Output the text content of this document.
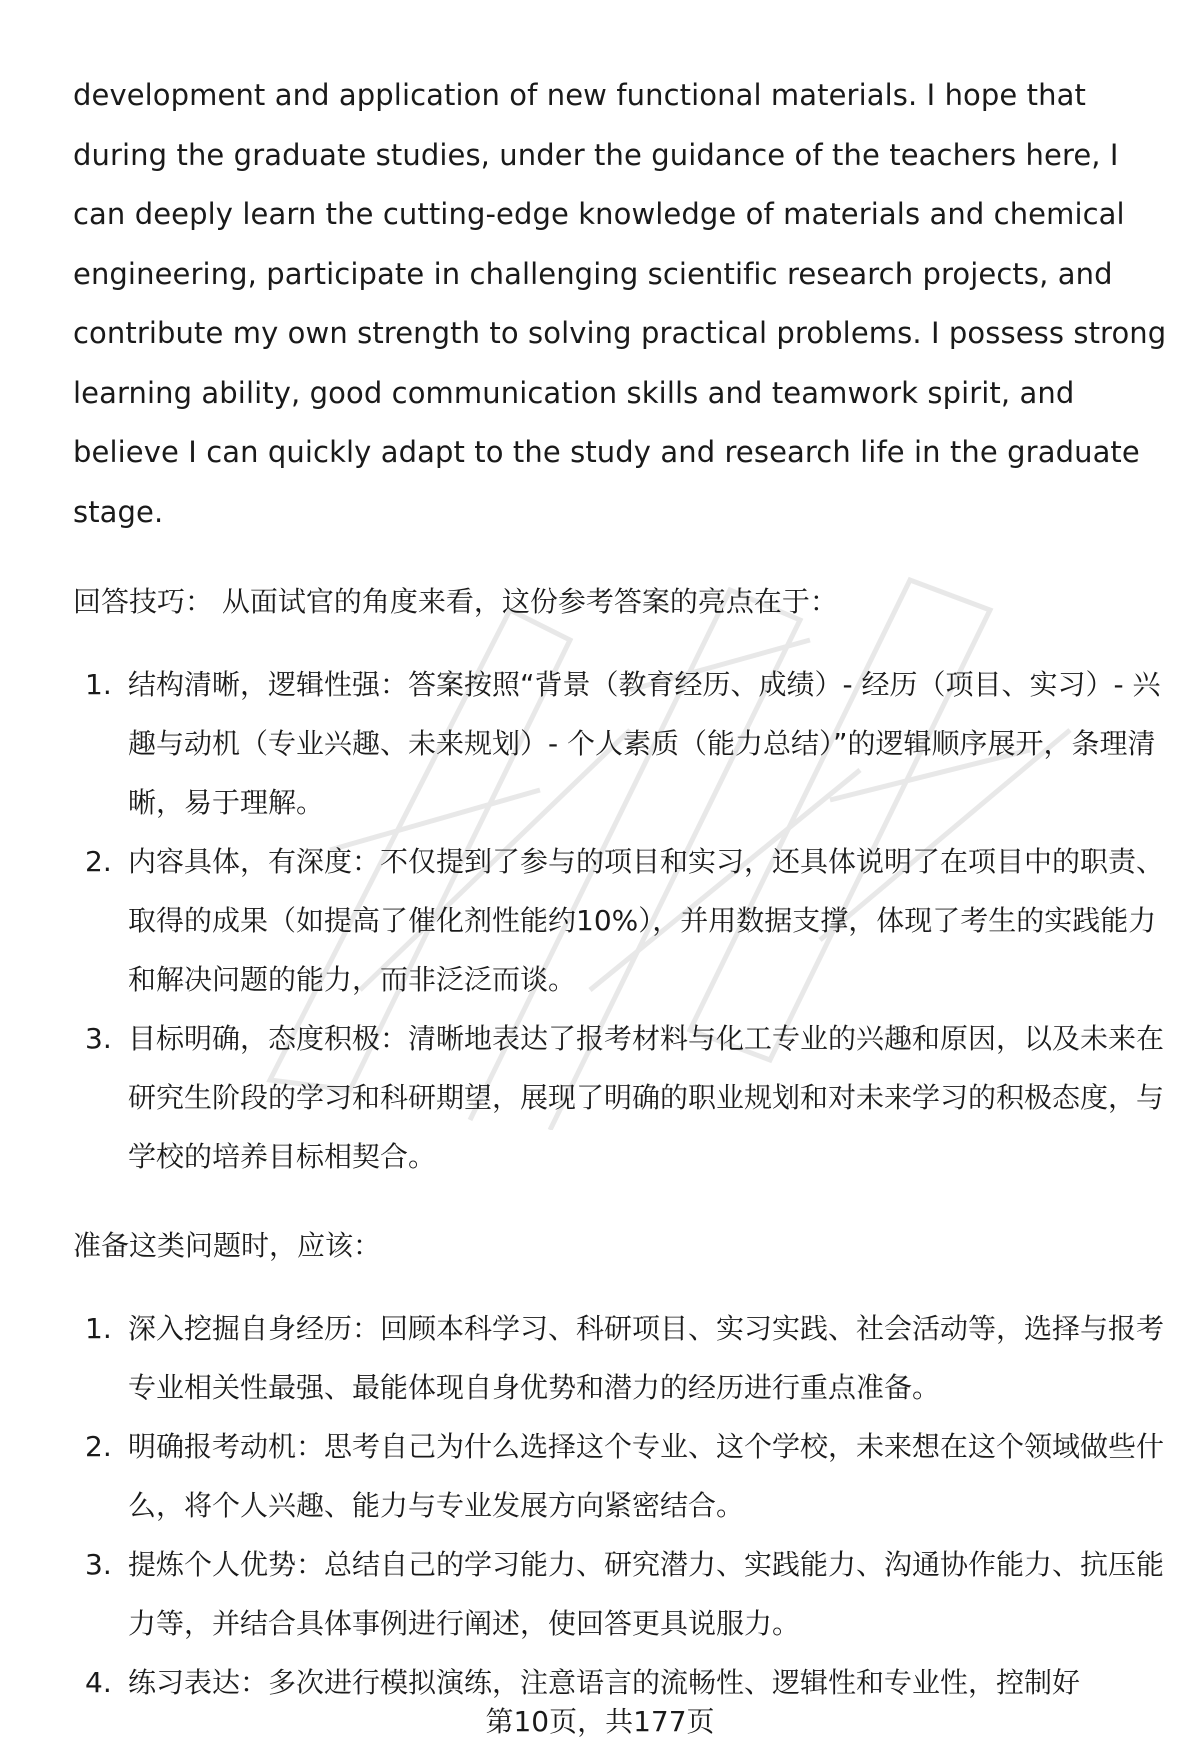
development and application of new functional materials. I hope that during the graduate studies, under the guidance of the teachers here, I can deeply learn the cutting-edge knowledge of materials and chemical engineering, participate in challenging scientific research projects, and contribute my own strength to solving practical problems. I possess strong learning ability, good communication skills and teamwork spirit, and believe I can quickly adapt to the study and research life in the graduate stage.

回答技巧： 从面试官的角度来看，这份参考答案的亮点在于：

1. 结构清晰，逻辑性强：答案按照“背景（教育经历、成绩）- 经历（项目、实习）- 兴趣与动机（专业兴趣、未来规划）- 个人素质（能力总结）”的逻辑顺序展开，条理清晰，易于理解。
2. 内容具体，有深度：不仅提到了参与的项目和实习，还具体说明了在项目中的职责、取得的成果（如提高了催化剂性能约10%），并用数据支撑，体现了考生的实践能力和解决问题的能力，而非泛泛而谈。
3. 目标明确，态度积极：清晰地表达了报考材料与化工专业的兴趣和原因，以及未来在研究生阶段的学习和科研期望，展现了明确的职业规划和对未来学习的积极态度，与学校的培养目标相契合。

准备这类问题时，应该：

1. 深入挖掘自身经历：回顾本科学习、科研项目、实习实践、社会活动等，选择与报考专业相关性最强、最能体现自身优势和潜力的经历进行重点准备。
2. 明确报考动机：思考自己为什么选择这个专业、这个学校，未来想在这个领域做些什么，将个人兴趣、能力与专业发展方向紧密结合。
3. 提炼个人优势：总结自己的学习能力、研究潜力、实践能力、沟通协作能力、抗压能力等，并结合具体事例进行阐述，使回答更具说服力。
4. 练习表达：多次进行模拟演练，注意语言的流畅性、逻辑性和专业性，控制好
第10页，共177页
